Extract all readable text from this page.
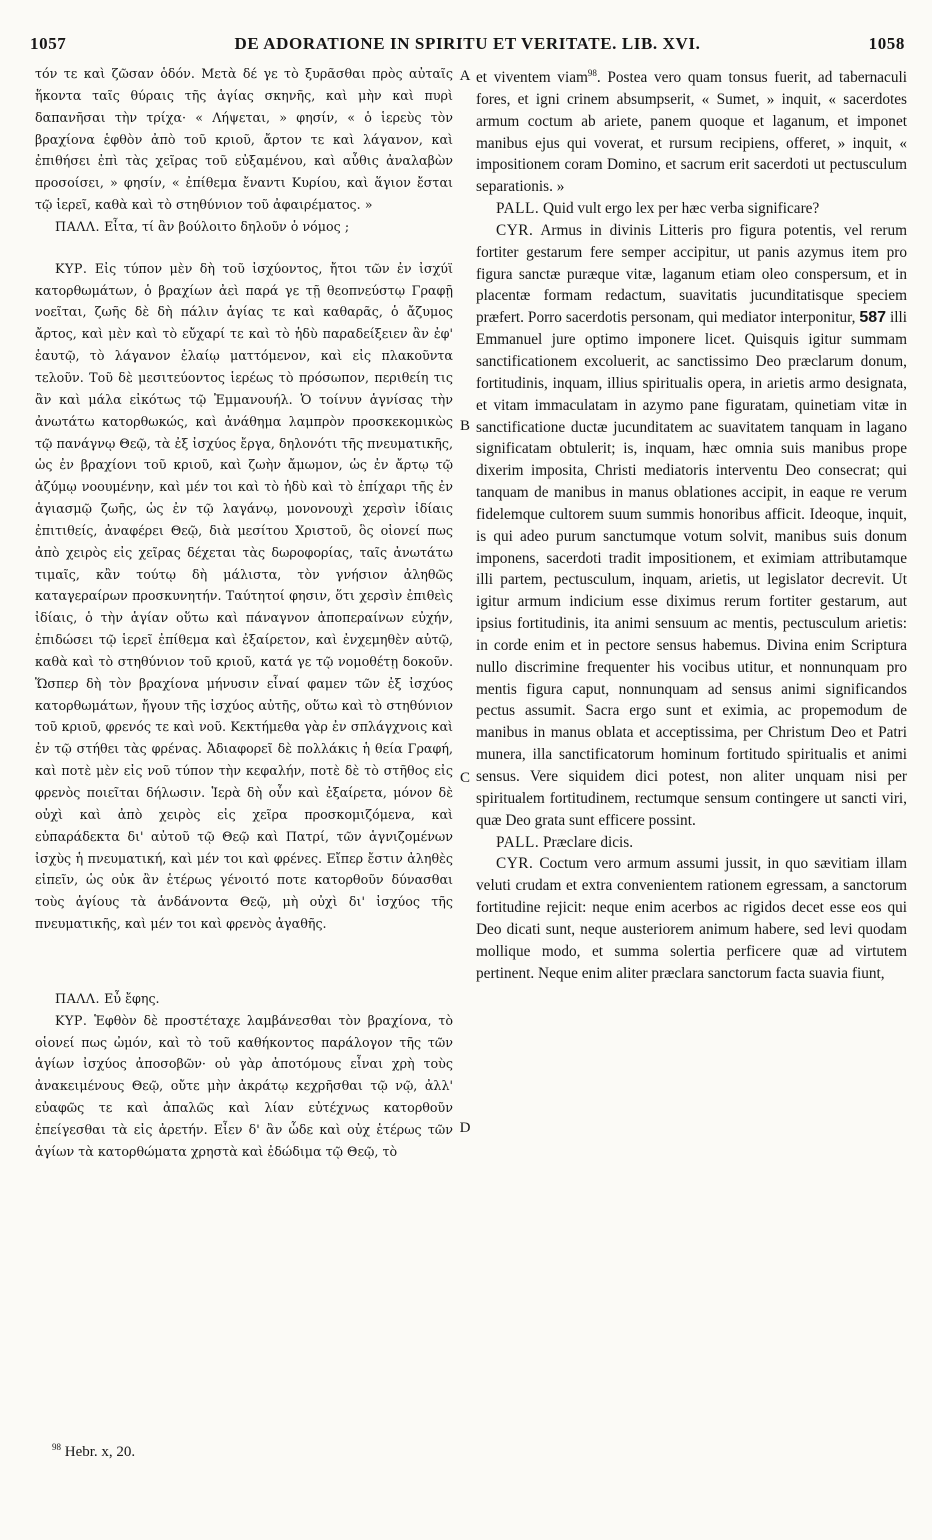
1057	DE ADORATIONE IN SPIRITU ET VERITATE. LIB. XVI.	1058

τόν τε καὶ ζῶσαν ὁδόν. Μετὰ δέ γε τὸ ξυρᾶσθαι πρὸς αὐταῖς ἥκοντα ταῖς θύραις τῆς ἁγίας σκηνῆς, καὶ μὴν καὶ πυρὶ δαπανῆσαι τὴν τρίχα· « Λήψεται, » φησίν, « ὁ ἱερεὺς τὸν βραχίονα ἑφθὸν ἀπὸ τοῦ κριοῦ, ἄρτον τε καὶ λάγανον, καὶ ἐπιθήσει ἐπὶ τὰς χεῖρας τοῦ εὐξαμένου, καὶ αὖθις ἀναλαβὼν προσοίσει, » φησίν, « ἐπίθεμα ἔναντι Κυρίου, καὶ ἅγιον ἔσται τῷ ἱερεῖ, καθὰ καὶ τὸ στηθύνιον τοῦ ἀφαιρέματος. »

ΠΑΛΛ. Εἶτα, τί ἂν βούλοιτο δηλοῦν ὁ νόμος ;

ΚΥΡ. Εἰς τύπον μὲν δὴ τοῦ ἰσχύοντος, ἤτοι τῶν ἐν ἰσχύϊ κατορθωμάτων, ὁ βραχίων ἀεὶ παρά γε τῇ θεοπνεύστῳ Γραφῇ νοεῖται, ζωῆς δὲ δὴ πάλιν ἁγίας τε καὶ καθαρᾶς, ὁ ἄζυμος ἄρτος, καὶ μὲν καὶ τὸ εὔχαρί τε καὶ τὸ ἡδὺ παραδείξειεν ἂν ἐφ' ἑαυτῷ, τὸ λάγανον ἐλαίῳ ματτόμενον, καὶ εἰς πλακοῦντα τελοῦν. Τοῦ δὲ μεσιτεύοντος ἱερέως τὸ πρόσωπον, περιθείη τις ἂν καὶ μάλα εἰκότως τῷ Ἐμμανουήλ. Ὁ τοίνυν ἁγνίσας τὴν ἀνωτάτω κατορθωκώς, καὶ ἀνάθημα λαμπρὸν προσκεκομικὼς τῷ πανάγνῳ Θεῷ, τὰ ἐξ ἰσχύος ἔργα, δηλονότι τῆς πνευματικῆς, ὡς ἐν βραχίονι τοῦ κριοῦ, καὶ ζωὴν ἄμωμον, ὡς ἐν ἄρτῳ τῷ ἀζύμῳ νοουμένην, καὶ μέν τοι καὶ τὸ ἡδὺ καὶ τὸ ἐπίχαρι τῆς ἐν ἁγιασμῷ ζωῆς, ὡς ἐν τῷ λαγάνῳ, μονονουχὶ χερσὶν ἰδίαις ἐπιτιθείς, ἀναφέρει Θεῷ, διὰ μεσίτου Χριστοῦ, ὃς οἱονεί πως ἀπὸ χειρὸς εἰς χεῖρας δέχεται τὰς δωροφορίας, ταῖς ἀνωτάτω τιμαῖς, κἂν τούτῳ δὴ μάλιστα, τὸν γνήσιον ἀληθῶς καταγεραίρων προσκυνητήν. Ταύτητοί φησιν, ὅτι χερσὶν ἐπιθεὶς ἰδίαις, ὁ τὴν ἁγίαν οὕτω καὶ πάναγνον ἀποπεραίνων εὐχήν, ἐπιδώσει τῷ ἱερεῖ ἐπίθεμα καὶ ἐξαίρετον, καὶ ἐνχεμηθὲν αὐτῷ, καθὰ καὶ τὸ στηθύνιον τοῦ κριοῦ, κατά γε τῷ νομοθέτῃ δοκοῦν. Ὥσπερ δὴ τὸν βραχίονα μήνυσιν εἶναί φαμεν τῶν ἐξ ἰσχύος κατορθωμάτων, ἤγουν τῆς ἰσχύος αὐτῆς, οὕτω καὶ τὸ στηθύνιον τοῦ κριοῦ, φρενός τε καὶ νοῦ. Κεκτήμεθα γὰρ ἐν σπλάγχνοις καὶ ἐν τῷ στήθει τὰς φρένας. Ἀδιαφορεῖ δὲ πολλάκις ἡ θεία Γραφή, καὶ ποτὲ μὲν εἰς νοῦ τύπον τὴν κεφαλήν, ποτὲ δὲ τὸ στῆθος εἰς φρενὸς ποιεῖται δήλωσιν. Ἱερὰ δὴ οὖν καὶ ἐξαίρετα, μόνον δὲ οὐχὶ καὶ ἀπὸ χειρὸς εἰς χεῖρα προσκομιζόμενα, καὶ εὐπαράδεκτα δι' αὐτοῦ τῷ Θεῷ καὶ Πατρί, τῶν ἁγνιζομένων ἰσχὺς ἡ πνευματική, καὶ μέν τοι καὶ φρένες. Εἴπερ ἔστιν ἀληθὲς εἰπεῖν, ὡς οὐκ ἂν ἑτέρως γένοιτό ποτε κατορθοῦν δύνασθαι τοὺς ἁγίους τὰ ἁνδάνοντα Θεῷ, μὴ οὐχὶ δι' ἰσχύος τῆς πνευματικῆς, καὶ μέν τοι καὶ φρενὸς ἀγαθῆς.

ΠΑΛΛ. Εὖ ἔφης.

ΚΥΡ. Ἑφθὸν δὲ προστέταχε λαμβάνεσθαι τὸν βραχίονα, τὸ οἱονεί πως ὠμόν, καὶ τὸ τοῦ καθήκοντος παράλογον τῆς τῶν ἁγίων ἰσχύος ἀποσοβῶν· οὐ γὰρ ἀποτόμους εἶναι χρὴ τοὺς ἀνακειμένους Θεῷ, οὔτε μὴν ἀκράτῳ κεχρῆσθαι τῷ νῷ, ἀλλ' εὐαφῶς τε καὶ ἀπαλῶς καὶ λίαν εὐτέχνως κατορθοῦν ἐπείγεσθαι τὰ εἰς ἀρετήν. Εἶεν δ' ἂν ὧδε καὶ οὐχ ἑτέρως τῶν ἁγίων τὰ κατορθώματα χρηστὰ καὶ ἐδώδιμα τῷ Θεῷ, τὸ

et viventem viam$^{98}$. Postea vero quam tonsus fuerit, ad tabernaculi fores, et igni crinem absumpserit, « Sumet, » inquit, « sacerdotes armum coctum ab ariete, panem quoque et laganum, et imponet manibus ejus qui voverat, et rursum recipiens, offeret, » inquit, « impositionem coram Domino, et sacrum erit sacerdoti ut pectusculum separationis. »

PALL. Quid vult ergo lex per hæc verba significare?

CYR. Armus in divinis Litteris pro figura potentis, vel rerum fortiter gestarum fere semper accipitur, ut panis azymus item pro figura sanctæ puræque vitæ, laganum etiam oleo conspersum, et in placentæ formam redactum, suavitatis jucunditatisque speciem præfert. Porro sacerdotis personam, qui mediator interponitur, 587 illi Emmanuel jure optimo imponere licet. Quisquis igitur summam sanctificationem excoluerit, ac sanctissimo Deo præclarum donum, fortitudinis, inquam, illius spiritualis opera, in arietis armo designata, et vitam immaculatam in azymo pane figuratam, quinetiam vitæ in sanctificatione ductæ jucunditatem ac suavitatem tanquam in lagano significatam obtulerit; is, inquam, hæc omnia suis manibus prope dixerim imposita, Christi mediatoris interventu Deo consecrat; qui tanquam de manibus in manus oblationes accipit, in eaque re verum fidelemque cultorem suum summis honoribus afficit. Ideoque, inquit, is qui adeo purum sanctumque votum solvit, manibus suis donum imponens, sacerdoti tradit impositionem, et eximiam attributamque illi partem, pectusculum, inquam, arietis, ut legislator decrevit. Ut igitur armum indicium esse diximus rerum fortiter gestarum, aut ipsius fortitudinis, ita animi sensuum ac mentis, pectusculum arietis: in corde enim et in pectore sensus habemus. Divina enim Scriptura nullo discrimine frequenter his vocibus utitur, et nonnunquam pro mentis figura caput, nonnunquam ad sensus animi significandos pectus assumit. Sacra ergo sunt et eximia, ac propemodum de manibus in manus oblata et acceptissima, per Christum Deo et Patri munera, illa sanctificatorum hominum fortitudo spiritualis et animi sensus. Vere siquidem dici potest, non aliter unquam nisi per spiritualem fortitudinem, rectumque sensum contingere ut sancti viri, quæ Deo grata sunt efficere possint.

PALL. Præclare dicis.

CYR. Coctum vero armum assumi jussit, in quo sævitiam illam veluti crudam et extra convenientem rationem egressam, a sanctorum fortitudine rejicit: neque enim acerbos ac rigidos decet esse eos qui Deo dicati sunt, neque austeriorem animum habere, sed levi quodam mollique modo, et summa solertia perficere quæ ad virtutem pertinent. Neque enim aliter præclara sanctorum facta suavia fiunt,

A
B
C
D
$^{98}$ Hebr. x, 20.
